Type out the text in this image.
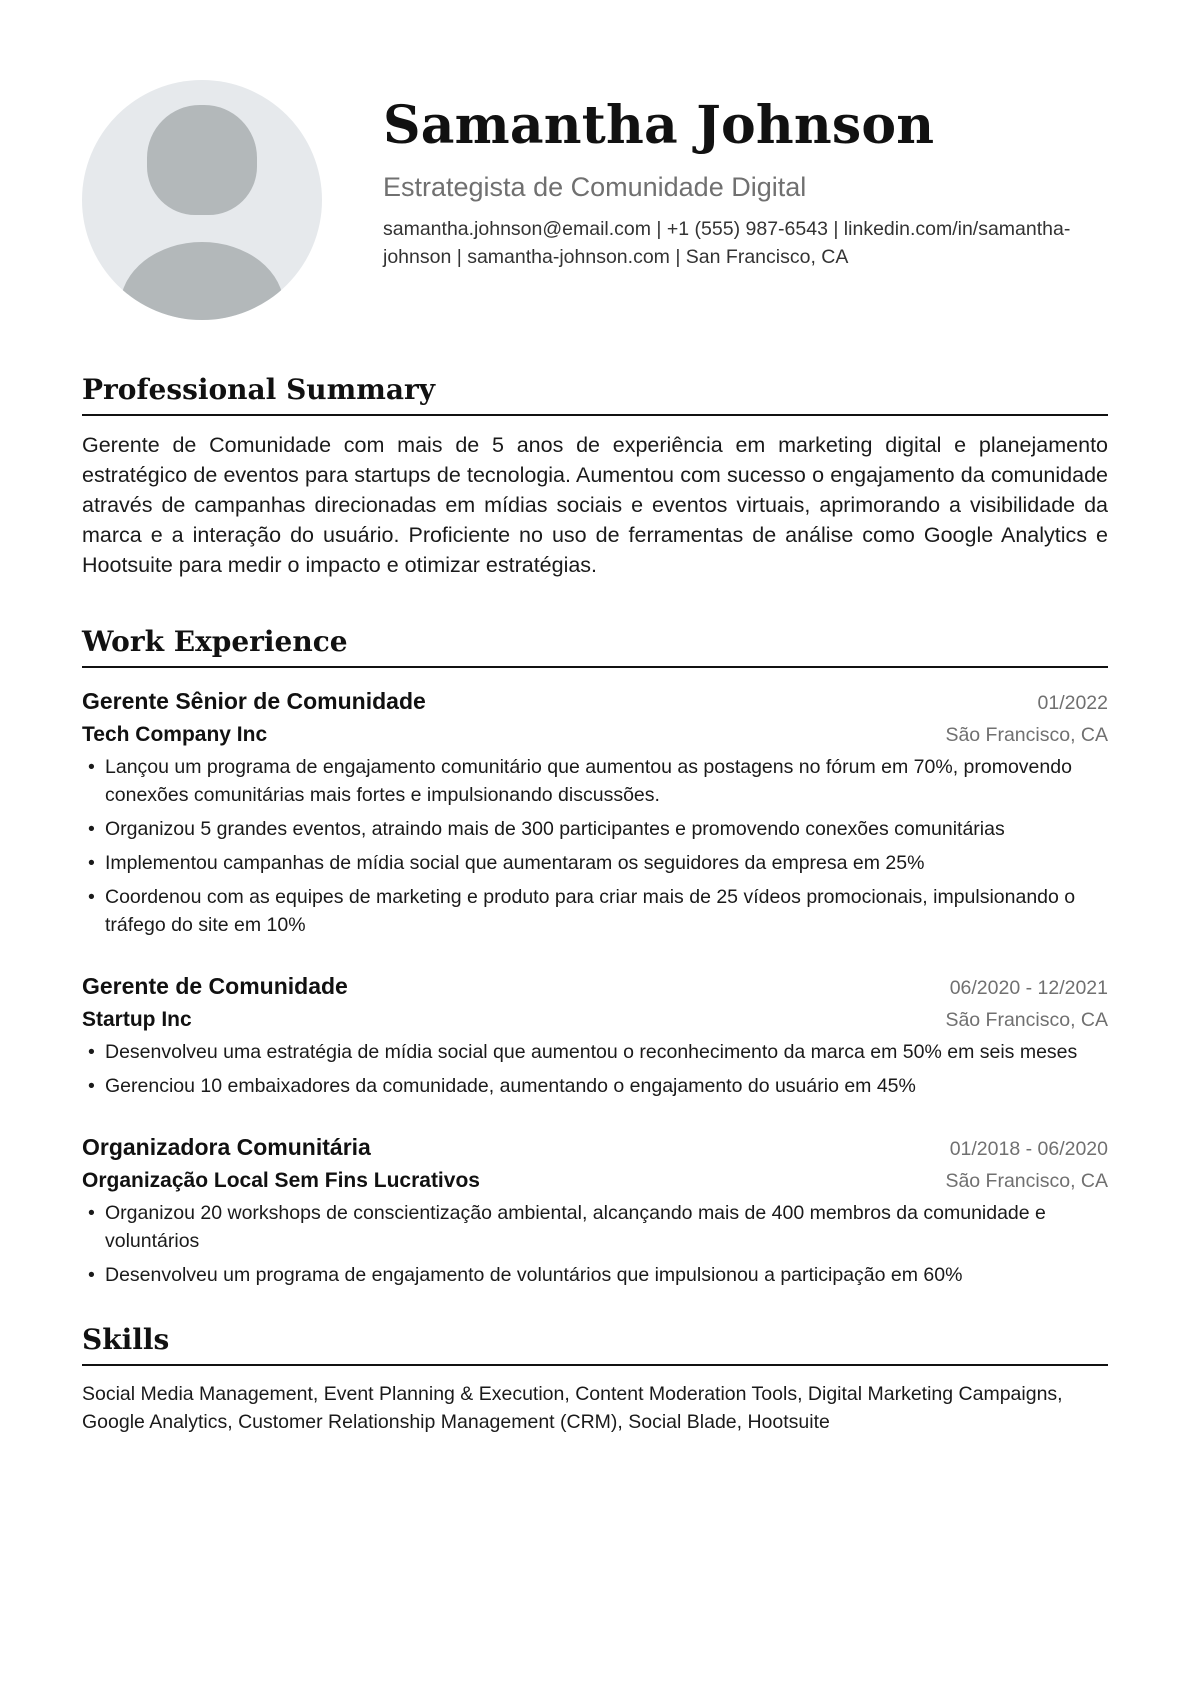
Samantha Johnson
Estrategista de Comunidade Digital
samantha.johnson@email.com | +1 (555) 987-6543 | linkedin.com/in/samantha-johnson | samantha-johnson.com | San Francisco, CA
Professional Summary

Gerente de Comunidade com mais de 5 anos de experiência em marketing digital e planejamento estratégico de eventos para startups de tecnologia. Aumentou com sucesso o engajamento da comunidade através de campanhas direcionadas em mídias sociais e eventos virtuais, aprimorando a visibilidade da marca e a interação do usuário. Proficiente no uso de ferramentas de análise como Google Analytics e Hootsuite para medir o impacto e otimizar estratégias.

Work Experience
Gerente Sênior de Comunidade	01/2022
Tech Company Inc	São Francisco, CA
• Lançou um programa de engajamento comunitário que aumentou as postagens no fórum em 70%, promovendo conexões comunitárias mais fortes e impulsionando discussões.
• Organizou 5 grandes eventos, atraindo mais de 300 participantes e promovendo conexões comunitárias
• Implementou campanhas de mídia social que aumentaram os seguidores da empresa em 25%
• Coordenou com as equipes de marketing e produto para criar mais de 25 vídeos promocionais, impulsionando o tráfego do site em 10%
Gerente de Comunidade	06/2020 - 12/2021
Startup Inc	São Francisco, CA
• Desenvolveu uma estratégia de mídia social que aumentou o reconhecimento da marca em 50% em seis meses
• Gerenciou 10 embaixadores da comunidade, aumentando o engajamento do usuário em 45%
Organizadora Comunitária	01/2018 - 06/2020
Organização Local Sem Fins Lucrativos	São Francisco, CA
• Organizou 20 workshops de conscientização ambiental, alcançando mais de 400 membros da comunidade e voluntários
• Desenvolveu um programa de engajamento de voluntários que impulsionou a participação em 60%
Skills

Social Media Management, Event Planning & Execution, Content Moderation Tools, Digital Marketing Campaigns, Google Analytics, Customer Relationship Management (CRM), Social Blade, Hootsuite
